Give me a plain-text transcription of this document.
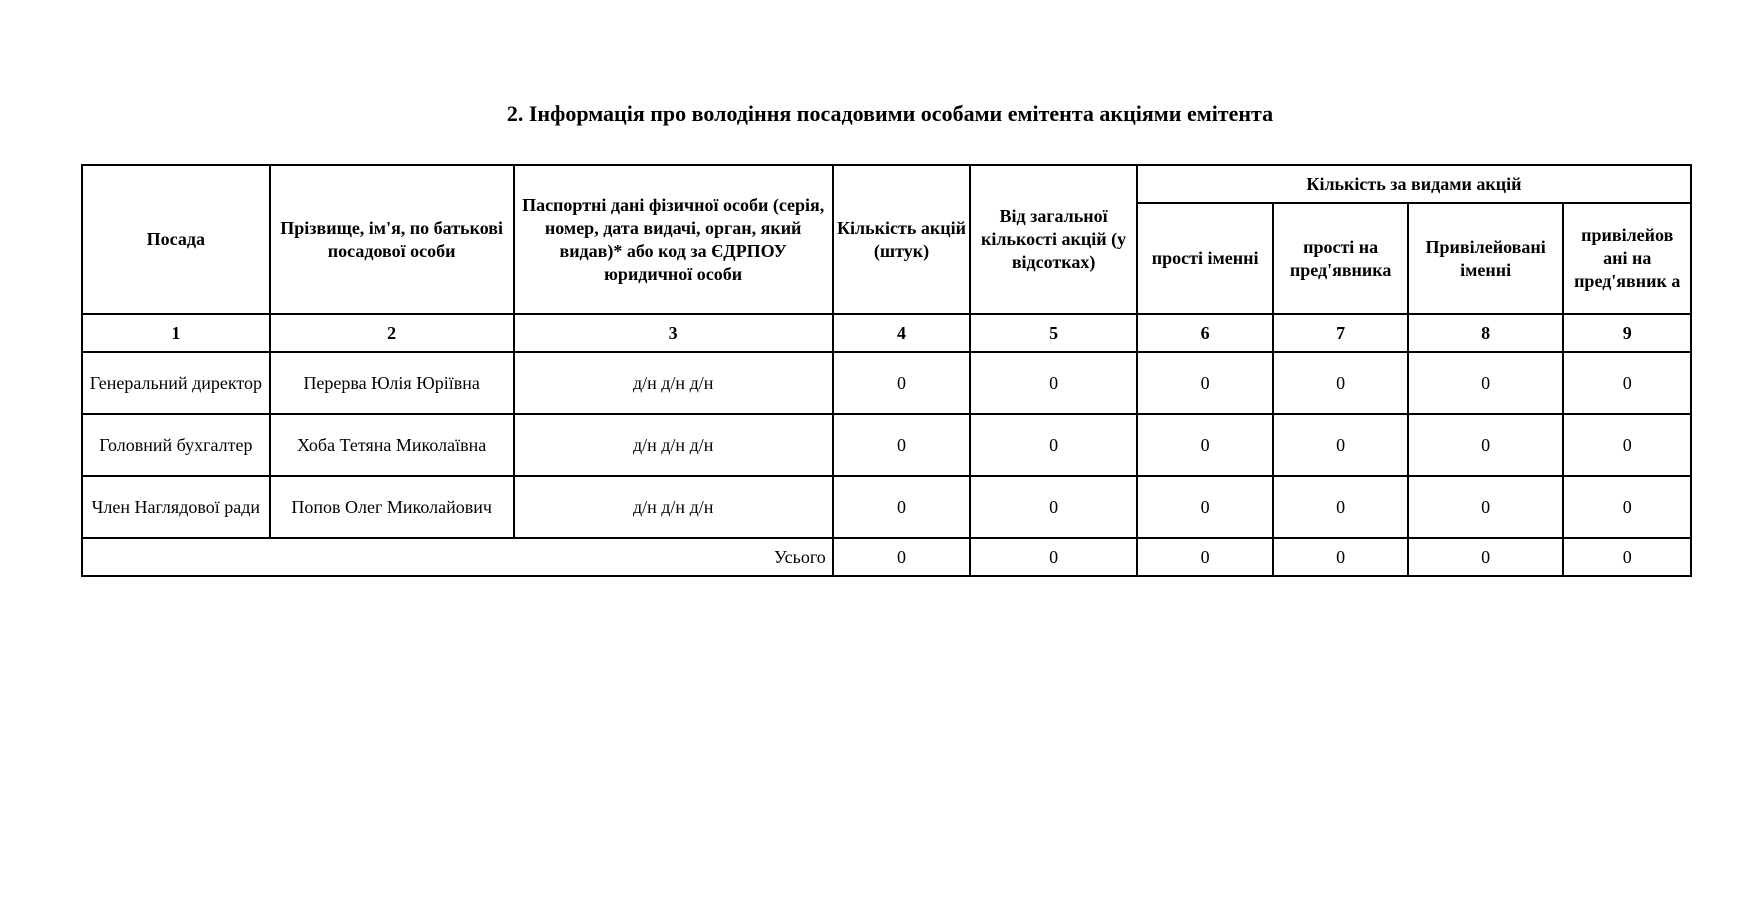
2. Інформація про володіння посадовими особами емітента акціями емітента
Посада	Прізвище, ім'я, по батькові посадової особи	Паспортні дані фізичної особи (серія, номер, дата видачі, орган, який видав)* або код за ЄДРПОУ юридичної особи	Кількість акцій (штук)	Від загальної кількості акцій (у відсотках)	Кількість за видами акцій			
					прості іменні	прості на пред'явника	Привілейовані іменні	привілейов ані на пред'явник а
1	2	3	4	5	6	7	8	9
Генеральний директор	Перерва Юлія Юріївна	д/н д/н д/н	0	0	0	0	0	0
Головний бухгалтер	Хоба Тетяна Миколаївна	д/н д/н д/н	0	0	0	0	0	0
Член Наглядової ради	Попов Олег Миколайович	д/н д/н д/н	0	0	0	0	0	0
Усього			0	0	0	0	0	0
